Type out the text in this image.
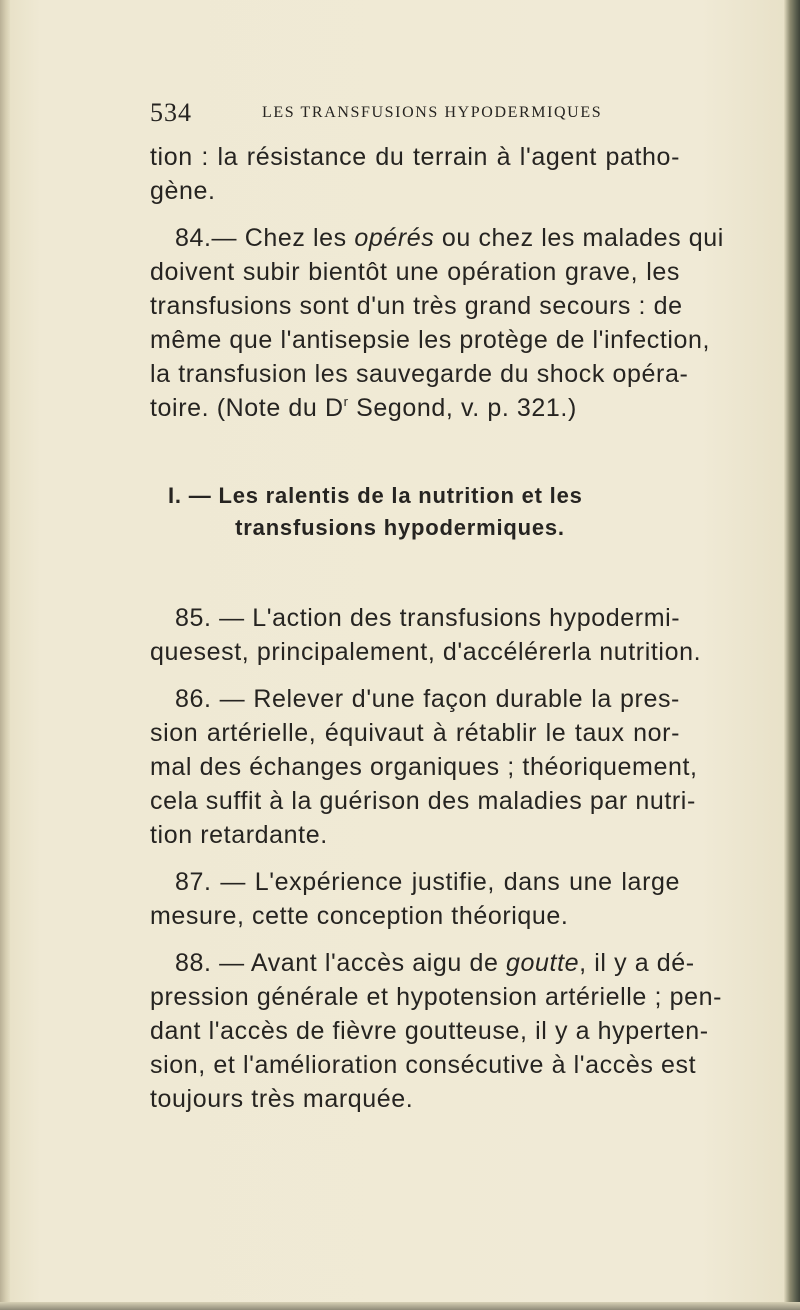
534	LES TRANSFUSIONS HYPODERMIQUES
tion : la résistance du terrain à l'agent patho-
gène.
84.— Chez les opérés ou chez les malades qui
doivent subir bientôt une opération grave, les
transfusions sont d'un très grand secours : de
même que l'antisepsie les protège de l'infection,
la transfusion les sauvegarde du shock opéra-
toire. (Note du $D^r$ Segond, v. p. 321.)
I. — Les ralentis de la nutrition et les
transfusions hypodermiques.
85. — L'action des transfusions hypodermi-
quesest, principalement, d'accélérerla nutrition.
86. — Relever d'une façon durable la pres-
sion artérielle, équivaut à rétablir le taux nor-
mal des échanges organiques ; théoriquement,
cela suffit à la guérison des maladies par nutri-
tion retardante.
87. — L'expérience justifie, dans une large
mesure, cette conception théorique.
88. — Avant l'accès aigu de goutte, il y a dé-
pression générale et hypotension artérielle ; pen-
dant l'accès de fièvre goutteuse, il y a hyperten-
sion, et l'amélioration consécutive à l'accès est
toujours très marquée.
